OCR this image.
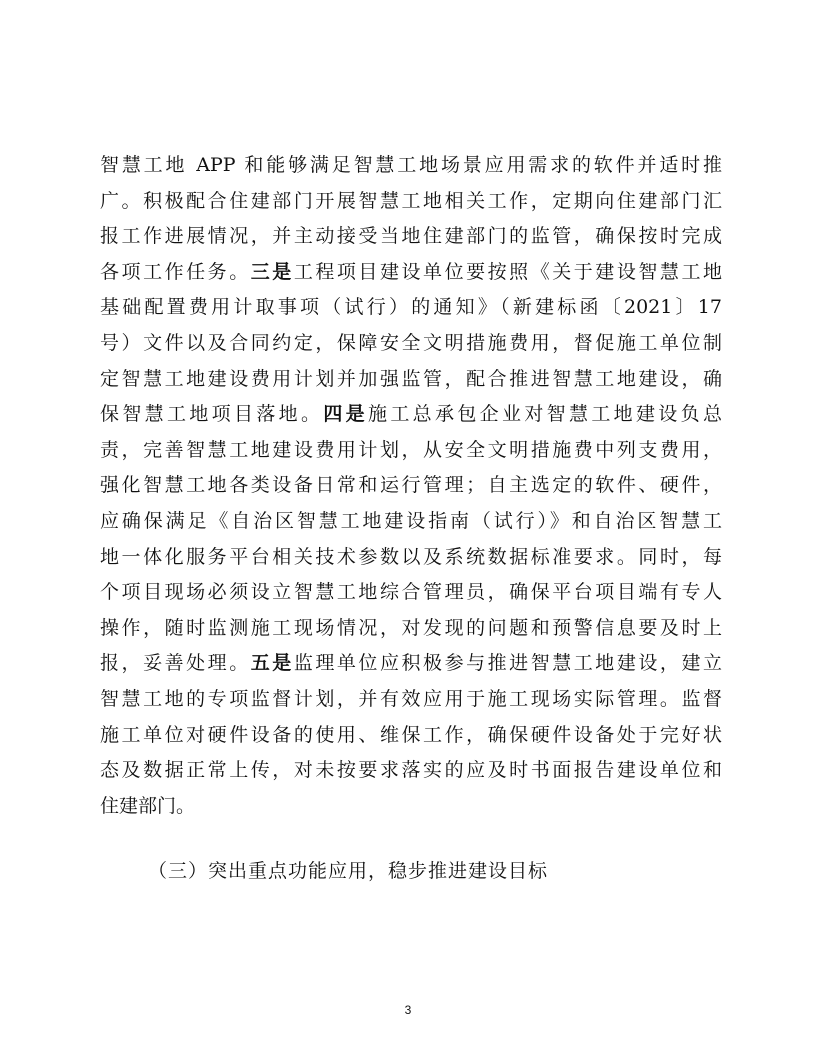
智慧工地 APP 和能够满足智慧工地场景应用需求的软件并适时推
广。积极配合住建部门开展智慧工地相关工作，定期向住建部门汇
报工作进展情况，并主动接受当地住建部门的监管，确保按时完成
各项工作任务。三是工程项目建设单位要按照《关于建设智慧工地
基础配置费用计取事项（试行）的通知》（新建标函〔2021〕17
号）文件以及合同约定，保障安全文明措施费用，督促施工单位制
定智慧工地建设费用计划并加强监管，配合推进智慧工地建设，确
保智慧工地项目落地。四是施工总承包企业对智慧工地建设负总
责，完善智慧工地建设费用计划，从安全文明措施费中列支费用，
强化智慧工地各类设备日常和运行管理；自主选定的软件、硬件，
应确保满足《自治区智慧工地建设指南（试行）》和自治区智慧工
地一体化服务平台相关技术参数以及系统数据标准要求。同时，每
个项目现场必须设立智慧工地综合管理员，确保平台项目端有专人
操作，随时监测施工现场情况，对发现的问题和预警信息要及时上
报，妥善处理。五是监理单位应积极参与推进智慧工地建设，建立
智慧工地的专项监督计划，并有效应用于施工现场实际管理。监督
施工单位对硬件设备的使用、维保工作，确保硬件设备处于完好状
态及数据正常上传，对未按要求落实的应及时书面报告建设单位和
住建部门。
（三）突出重点功能应用，稳步推进建设目标
3
